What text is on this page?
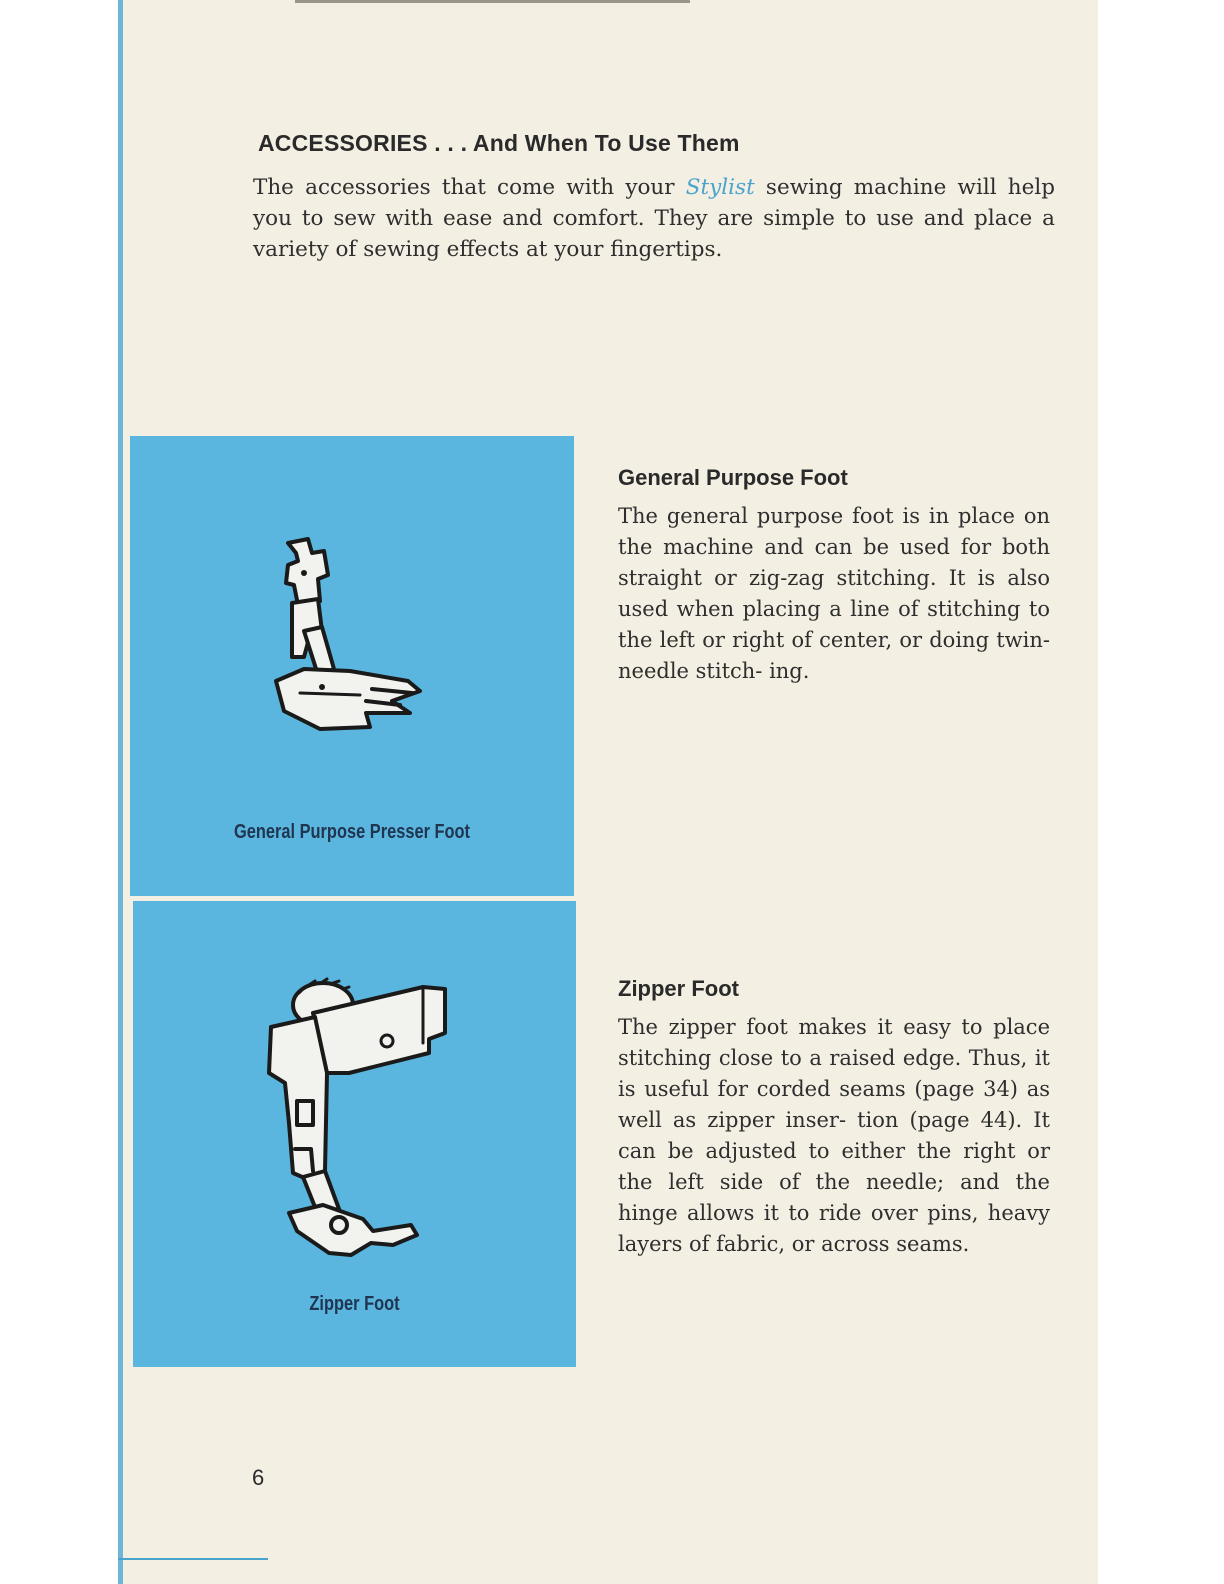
ACCESSORIES . . . And When To Use Them
The accessories that come with your Stylist sewing machine will help you to sew with ease and comfort. They are simple to use and place a variety of sewing effects at your fingertips.
General Purpose Presser Foot
Zipper Foot
General Purpose Foot
The general purpose foot is in place on the machine and can be used for both straight or zig-zag stitching. It is also used when placing a line of stitching to the left or right of center, or doing twin-needle stitch- ing.
Zipper Foot
The zipper foot makes it easy to place stitching close to a raised edge. Thus, it is useful for corded seams (page 34) as well as zipper inser- tion (page 44). It can be adjusted to either the right or the left side of the needle; and the hinge allows it to ride over pins, heavy layers of fabric, or across seams.
6
